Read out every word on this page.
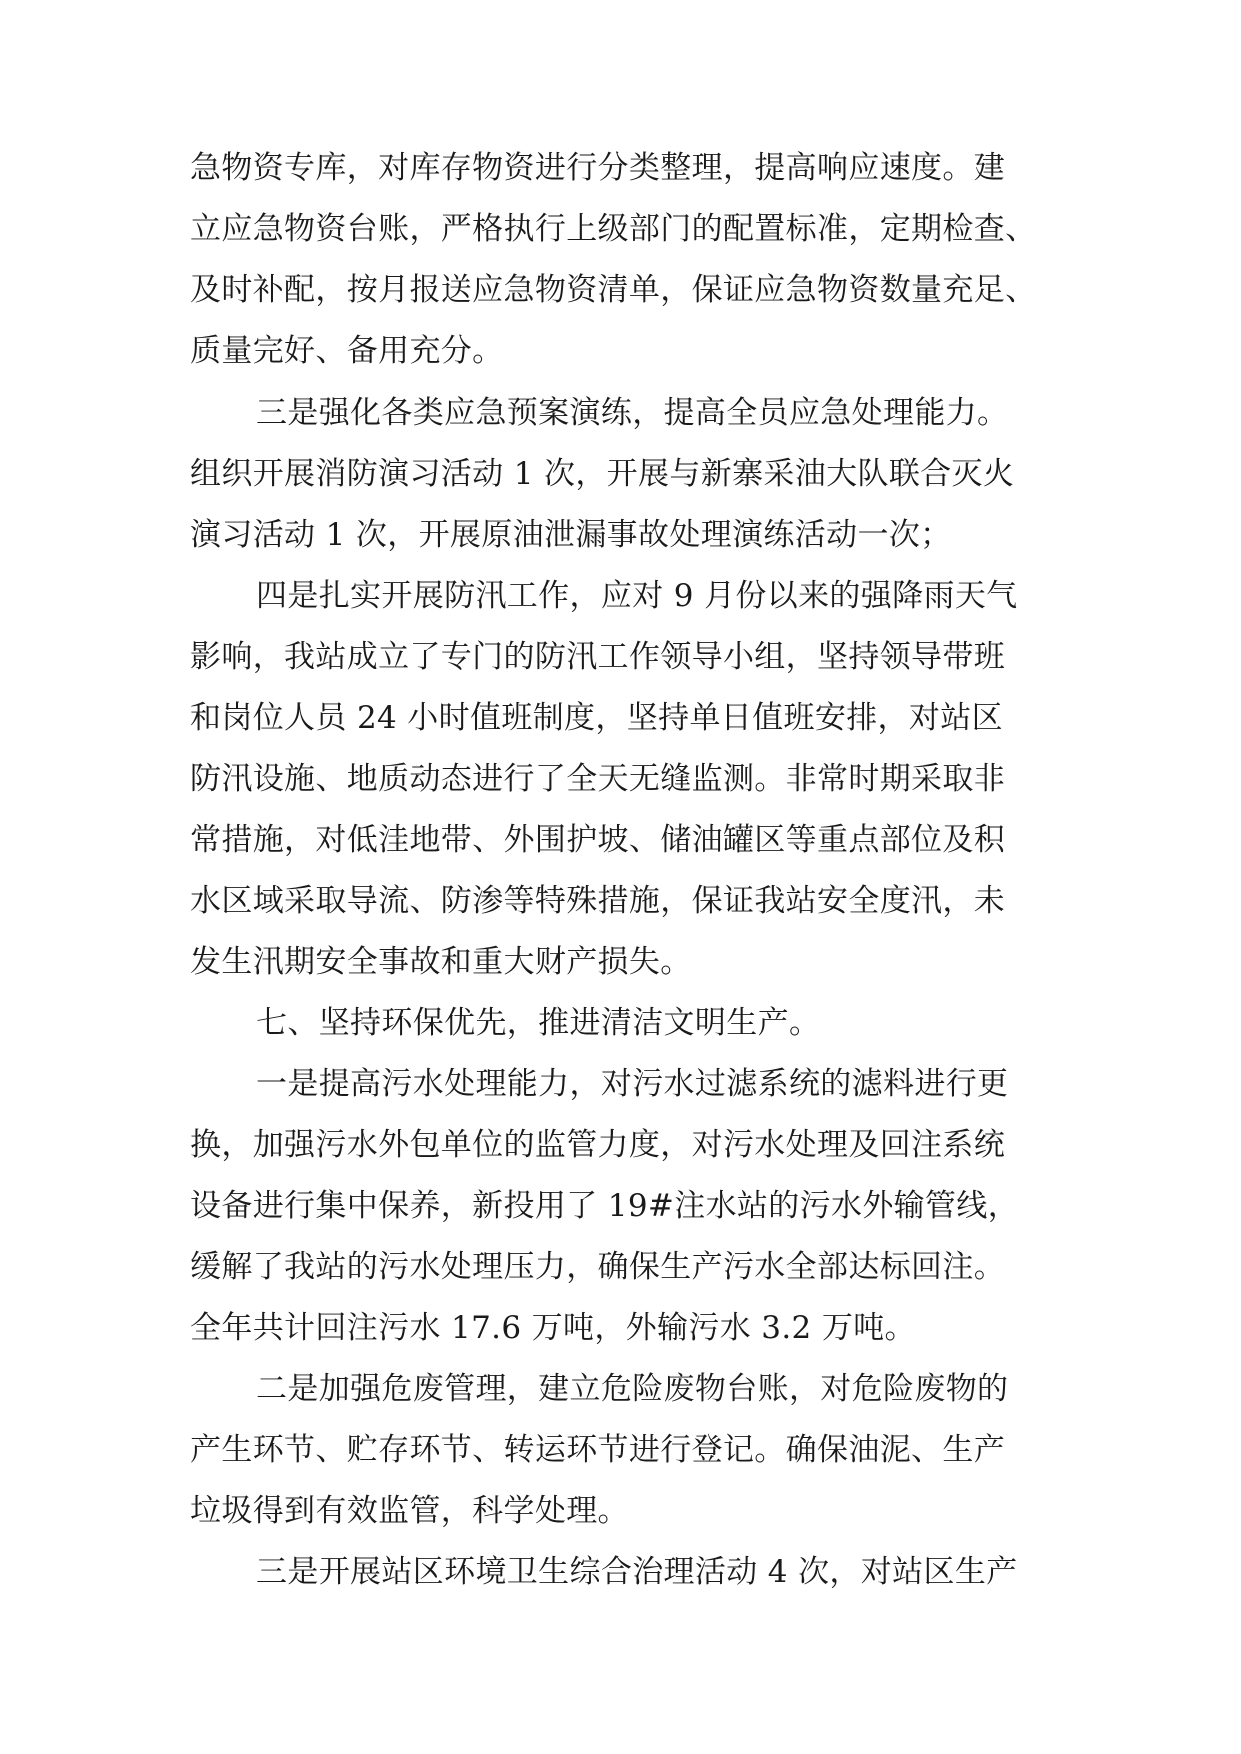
急物资专库，对库存物资进行分类整理，提高响应速度。建
立应急物资台账，严格执行上级部门的配置标准，定期检查、
及时补配，按月报送应急物资清单，保证应急物资数量充足、
质量完好、备用充分。
三是强化各类应急预案演练，提高全员应急处理能力。
组织开展消防演习活动 1 次，开展与新寨采油大队联合灭火
演习活动 1 次，开展原油泄漏事故处理演练活动一次；
四是扎实开展防汛工作，应对 9 月份以来的强降雨天气
影响，我站成立了专门的防汛工作领导小组，坚持领导带班
和岗位人员 24 小时值班制度，坚持单日值班安排，对站区
防汛设施、地质动态进行了全天无缝监测。非常时期采取非
常措施，对低洼地带、外围护坡、储油罐区等重点部位及积
水区域采取导流、防渗等特殊措施，保证我站安全度汛，未
发生汛期安全事故和重大财产损失。
七、坚持环保优先，推进清洁文明生产。
一是提高污水处理能力，对污水过滤系统的滤料进行更
换，加强污水外包单位的监管力度，对污水处理及回注系统
设备进行集中保养，新投用了 19#注水站的污水外输管线，
缓解了我站的污水处理压力，确保生产污水全部达标回注。
全年共计回注污水 17.6 万吨，外输污水 3.2 万吨。
二是加强危废管理，建立危险废物台账，对危险废物的
产生环节、贮存环节、转运环节进行登记。确保油泥、生产
垃圾得到有效监管，科学处理。
三是开展站区环境卫生综合治理活动 4 次，对站区生产
